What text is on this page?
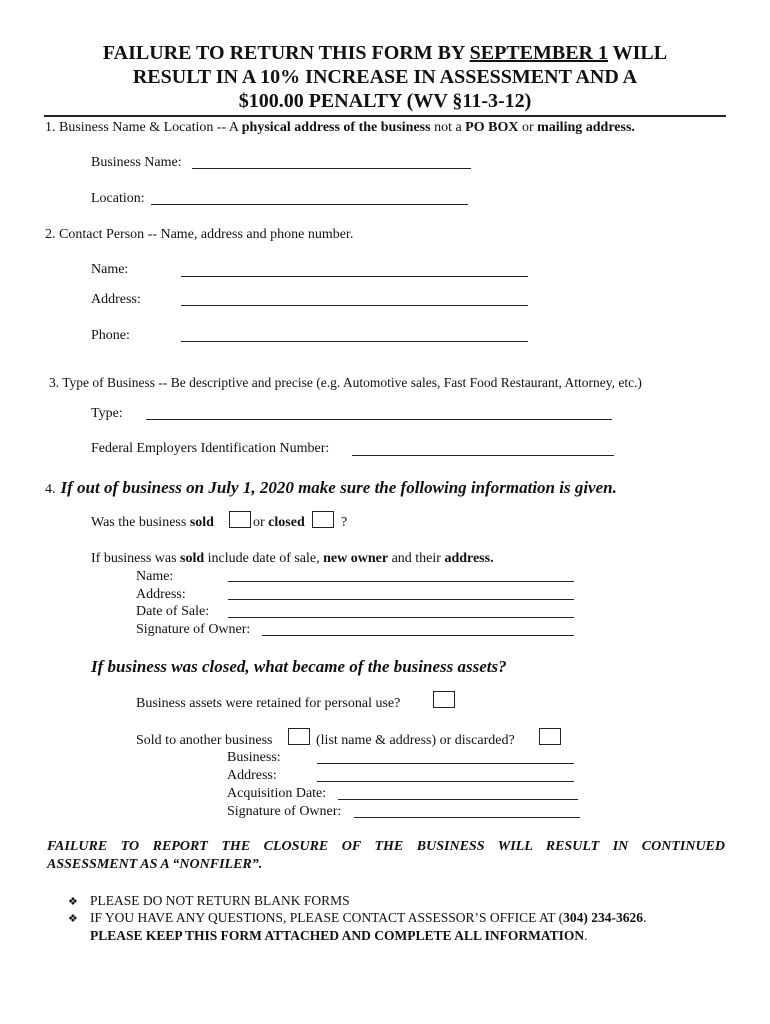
FAILURE TO RETURN THIS FORM BY SEPTEMBER 1 WILL
RESULT IN A 10% INCREASE IN ASSESSMENT AND A
$100.00 PENALTY (WV §11-3-12)
1. Business Name & Location -- A physical address of the business not a PO BOX or mailing address.
Business Name:
Location:
2. Contact Person -- Name, address and phone number.
Name:
Address:
Phone:
3. Type of Business -- Be descriptive and precise (e.g. Automotive sales, Fast Food Restaurant, Attorney, etc.)
Type:
Federal Employers Identification Number:
4. If out of business on July 1, 2020 make sure the following information is given.
Was the business sold	or closed	?
If business was sold include date of sale, new owner and their address.
Name:
Address:
Date of Sale:
Signature of Owner:
If business was closed, what became of the business assets?
Business assets were retained for personal use?
Sold to another business	(list name & address) or discarded?
Business:
Address:
Acquisition Date:
Signature of Owner:
FAILURE TO REPORT THE CLOSURE OF THE BUSINESS WILL RESULT IN CONTINUED
ASSESSMENT AS A “NONFILER”.
❖ PLEASE DO NOT RETURN BLANK FORMS
❖ IF YOU HAVE ANY QUESTIONS, PLEASE CONTACT ASSESSOR’S OFFICE AT (304) 234-3626.
PLEASE KEEP THIS FORM ATTACHED AND COMPLETE ALL INFORMATION.
